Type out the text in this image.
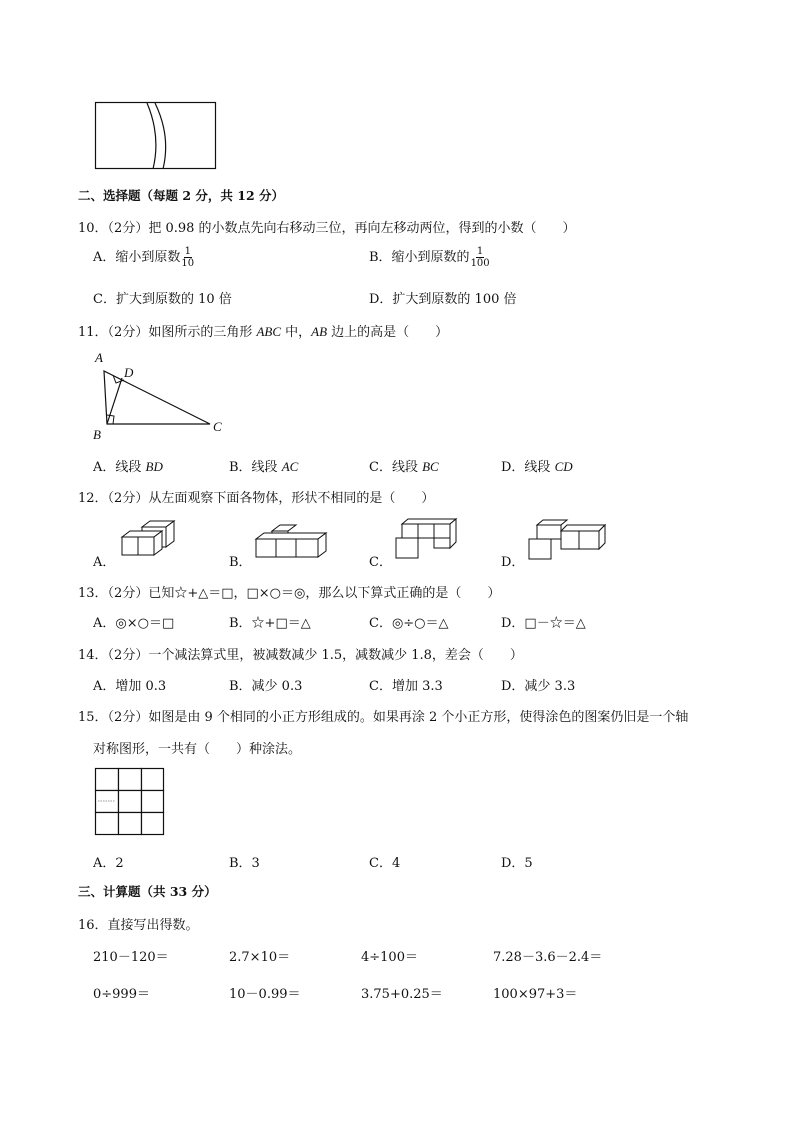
二、选择题（每题 2 分，共 12 分）
10．（2分）把 0.98 的小数点先向右移动三位，再向左移动两位，得到的小数（　　）
A．缩小到原数 $\frac{1}{10}$	B．缩小到原数的 $\frac{1}{100}$
C．扩大到原数的 10 倍	D．扩大到原数的 100 倍
11．（2分）如图所示的三角形 ABC 中，AB 边上的高是（　　）
A
D
B
C
A．线段 BD	B．线段 AC	C．线段 BC	D．线段 CD
12．（2分）从左面观察下面各物体，形状不相同的是（　　）
A．	B．	C．	D．
13．（2分）已知☆+△＝□，□×○＝◎，那么以下算式正确的是（　　）
A．◎×○＝□	B．☆+□＝△	C．◎÷○＝△	D．□－☆＝△
14．（2分）一个减法算式里，被减数减少 1.5，减数减少 1.8，差会（　　）
A．增加 0.3	B．减少 0.3	C．增加 3.3	D．减少 3.3
15．（2分）如图是由 9 个相同的小正方形组成的。如果再涂 2 个小正方形，使得涂色的图案仍旧是一个轴
对称图形，一共有（　　）种涂法。
A．2	B．3	C．4	D．5
三、计算题（共 33 分）
16．直接写出得数。
210－120＝	2.7×10＝	4÷100＝	7.28－3.6－2.4＝
0÷999＝	10－0.99＝	3.75+0.25＝	100×97+3＝
